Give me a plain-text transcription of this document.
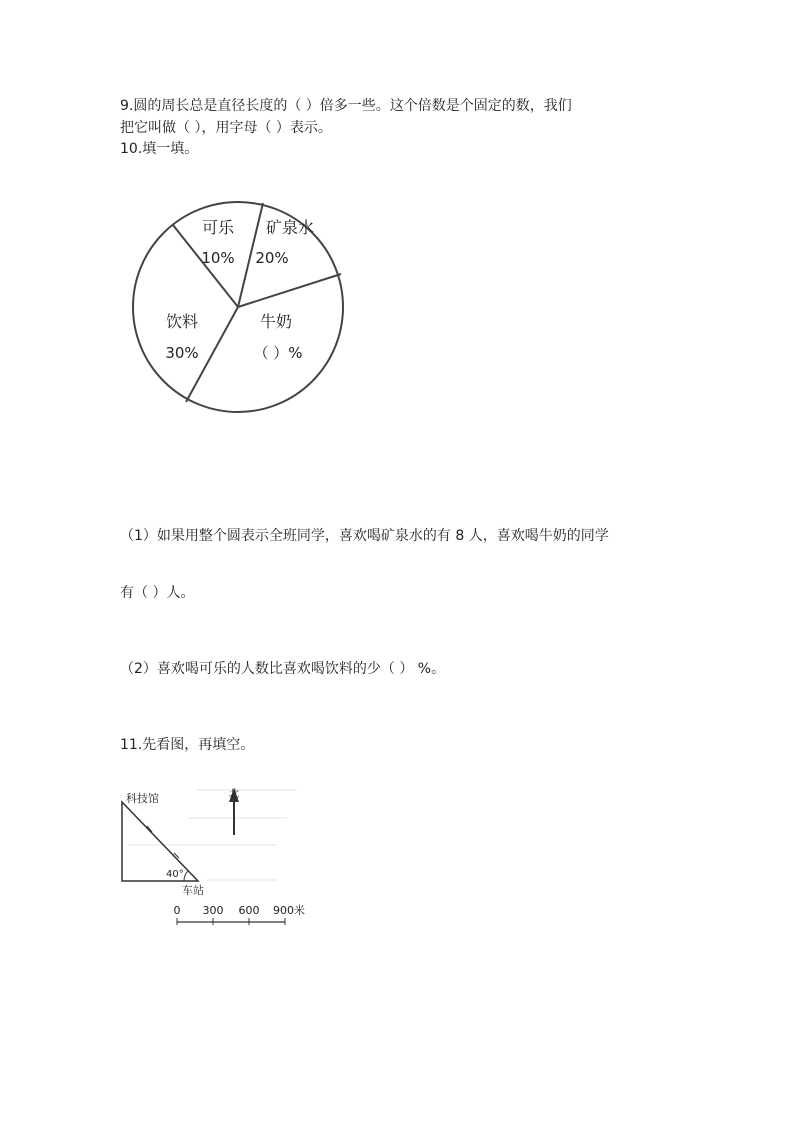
9.圆的周长总是直径长度的（ ）倍多一些。这个倍数是个固定的数，我们
把它叫做（ ），用字母（ ）表示。
10.填一填。
可乐
10%
矿泉水
20%
牛奶
（ ）%
饮料
30%
（1）如果用整个圆表示全班同学，喜欢喝矿泉水的有 8 人，喜欢喝牛奶的同学
有（ ）人。
（2）喜欢喝可乐的人数比喜欢喝饮料的少（ ） %。
11.先看图，再填空。
科技馆
40°
车站
北
0 300 600 900米
